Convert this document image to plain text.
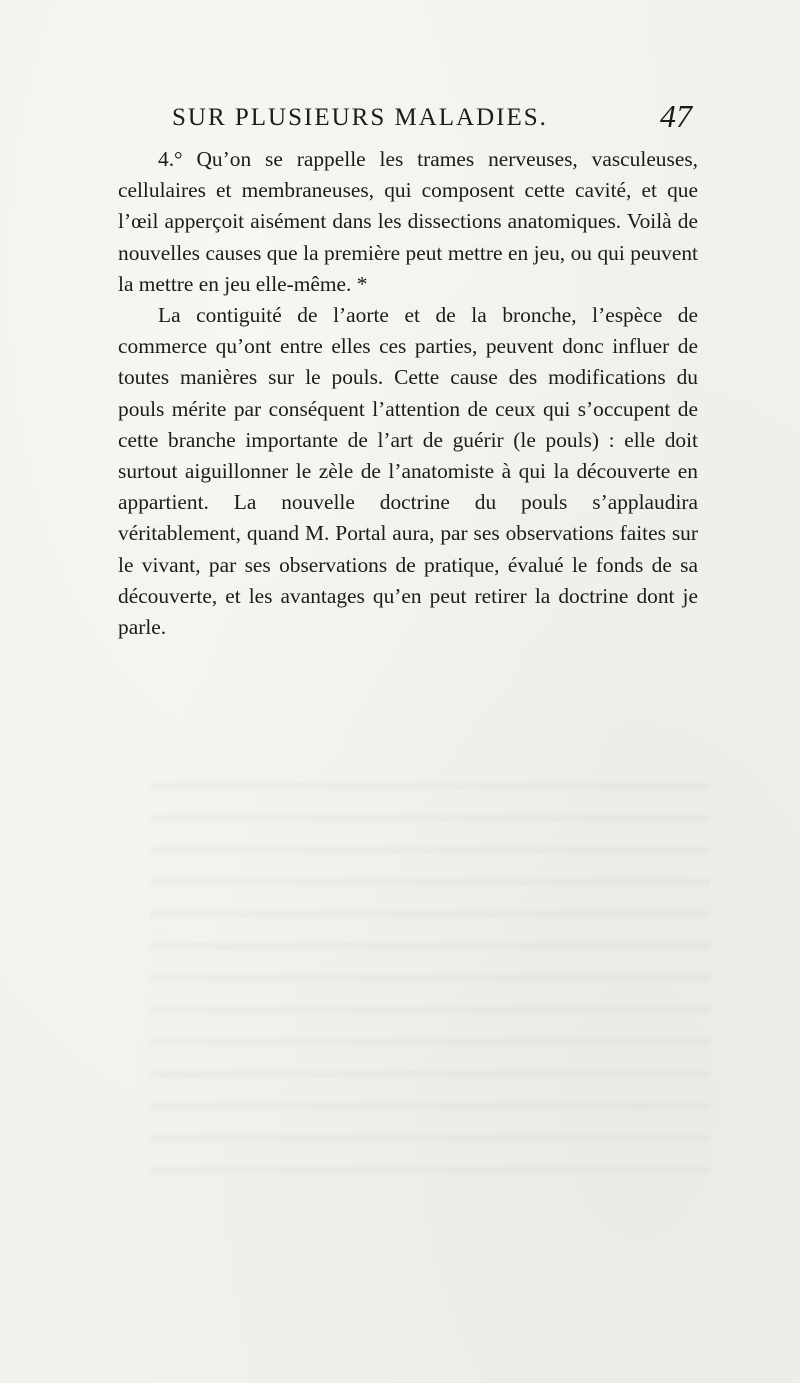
SUR PLUSIEURS MALADIES.	47

4.° Qu’on se rappelle les trames nerveuses, vasculeuses, cellulaires et membraneuses, qui composent cette cavité, et que l’œil apperçoit aisément dans les dissections anatomiques. Voilà de nouvelles causes que la première peut mettre en jeu, ou qui peuvent la mettre en jeu elle-même. *

La contiguité de l’aorte et de la bronche, l’espèce de commerce qu’ont entre elles ces parties, peuvent donc influer de toutes manières sur le pouls. Cette cause des modifications du pouls mérite par conséquent l’attention de ceux qui s’occupent de cette branche importante de l’art de guérir (le pouls) : elle doit surtout aiguillonner le zèle de l’anatomiste à qui la découverte en appartient. La nouvelle doctrine du pouls s’applaudira véritablement, quand M. Portal aura, par ses observations faites sur le vivant, par ses observations de pratique, évalué le fonds de sa découverte, et les avantages qu’en peut retirer la doctrine dont je parle.
